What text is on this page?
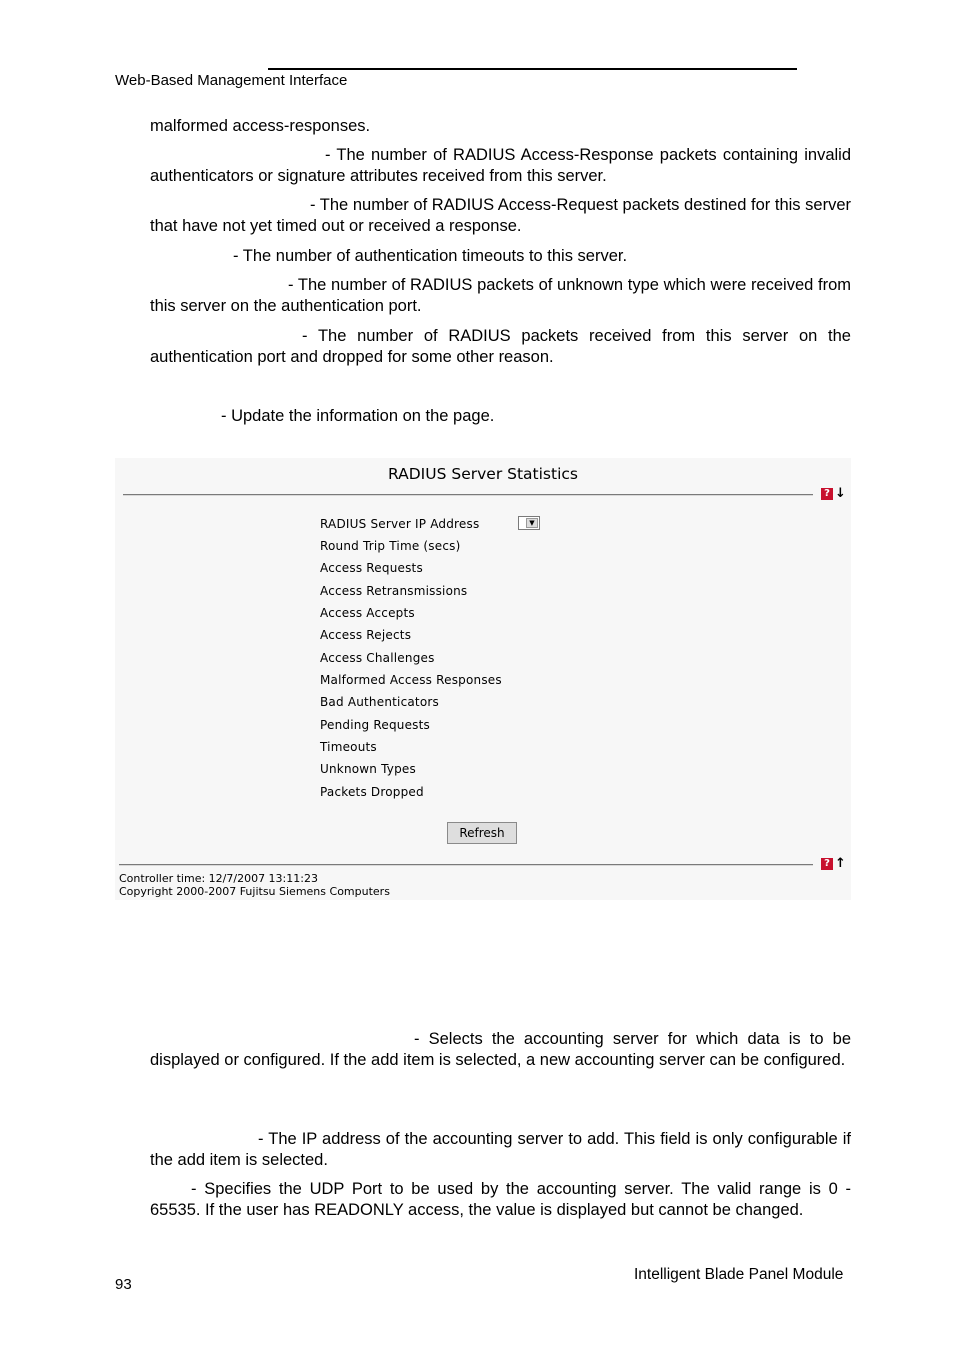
Web-Based Management Interface
malformed access-responses.
- The number of RADIUS Access-Response packets containing invalid authenticators or signature attributes received from this server.
- The number of RADIUS Access-Request packets destined for this server that have not yet timed out or received a response.
- The number of authentication timeouts to this server.
- The number of RADIUS packets of unknown type which were received from this server on the authentication port.
- The number of RADIUS packets received from this server on the authentication port and dropped for some other reason.
- Update the information on the page.
RADIUS Server Statistics
? ↓
RADIUS Server IP Address	▼
Round Trip Time (secs)
Access Requests
Access Retransmissions
Access Accepts
Access Rejects
Access Challenges
Malformed Access Responses
Bad Authenticators
Pending Requests
Timeouts
Unknown Types
Packets Dropped
Refresh
? ↑
Controller time: 12/7/2007 13:11:23
Copyright 2000-2007 Fujitsu Siemens Computers
- Selects the accounting server for which data is to be displayed or configured. If the add item is selected, a new accounting server can be configured.
- The IP address of the accounting server to add. This field is only configurable if the add item is selected.
- Specifies the UDP Port to be used by the accounting server. The valid range is 0 - 65535. If the user has READONLY access, the value is displayed but cannot be changed.
93
Intelligent Blade Panel Module
